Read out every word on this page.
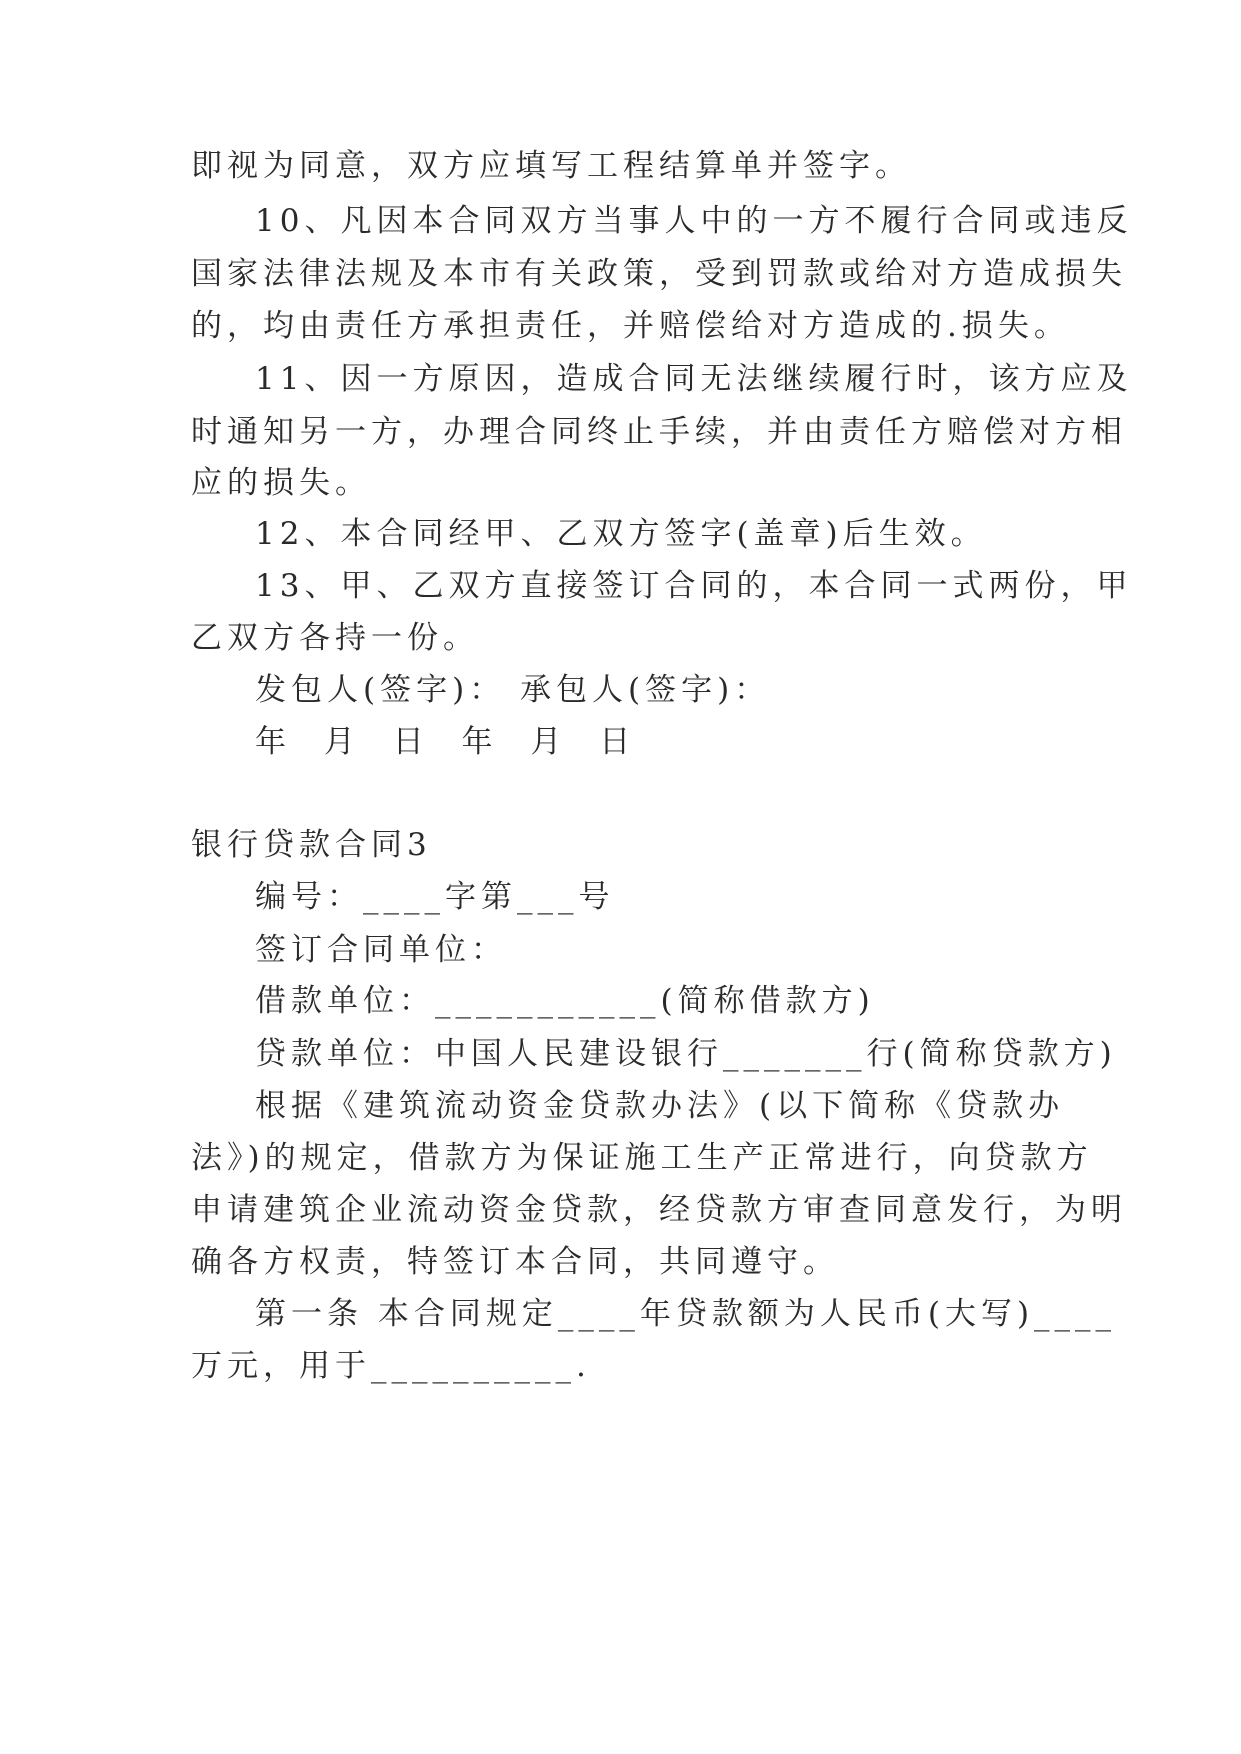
即视为同意，双方应填写工程结算单并签字。
10、凡因本合同双方当事人中的一方不履行合同或违反
国家法律法规及本市有关政策，受到罚款或给对方造成损失
的，均由责任方承担责任，并赔偿给对方造成的.损失。
11、因一方原因，造成合同无法继续履行时，该方应及
时通知另一方，办理合同终止手续，并由责任方赔偿对方相
应的损失。
12、本合同经甲、乙双方签字(盖章)后生效。
13、甲、乙双方直接签订合同的，本合同一式两份，甲
乙双方各持一份。
发包人(签字)： 承包人(签字)：
年 月 日 年 月 日
银行贷款合同3
编号：____字第___号
签订合同单位：
借款单位：___________(简称借款方)
贷款单位：中国人民建设银行_______行(简称贷款方)
根据《建筑流动资金贷款办法》(以下简称《贷款办
法》)的规定，借款方为保证施工生产正常进行，向贷款方
申请建筑企业流动资金贷款，经贷款方审查同意发行，为明
确各方权责，特签订本合同，共同遵守。
第一条 本合同规定____年贷款额为人民币(大写)____
万元，用于__________.
